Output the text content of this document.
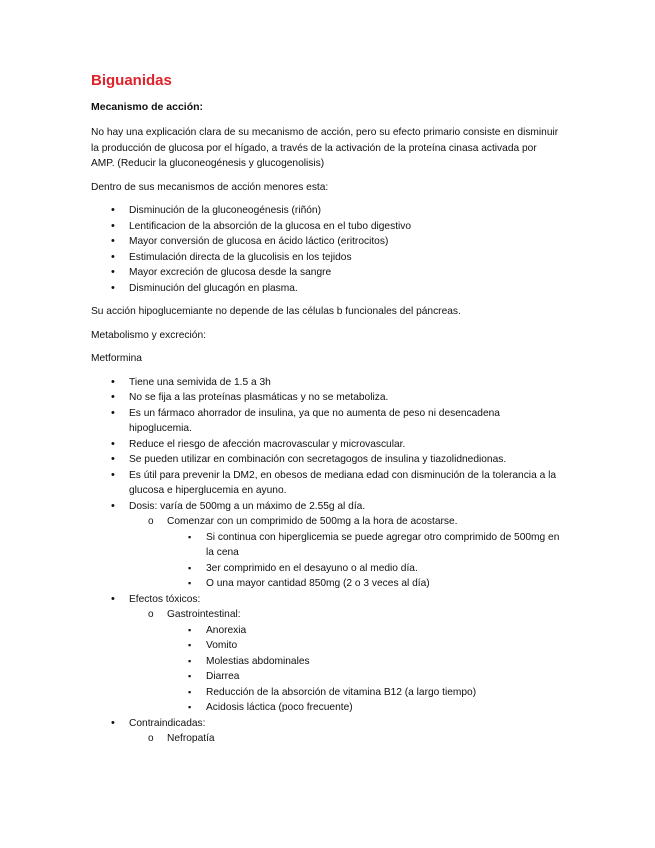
Biguanidas
Mecanismo de acción:

No hay una explicación clara de su mecanismo de acción, pero su efecto primario consiste en disminuir la producción de glucosa por el hígado, a través de la activación de la proteína cinasa activada por AMP. (Reducir la gluconeogénesis y glucogenolisis)

Dentro de sus mecanismos de acción menores esta:

• Disminución de la gluconeogénesis (riñón)
• Lentificacion de la absorción de la glucosa en el tubo digestivo
• Mayor conversión de glucosa en ácido láctico (eritrocitos)
• Estimulación directa de la glucolisis en los tejidos
• Mayor excreción de glucosa desde la sangre
• Disminución del glucagón en plasma.

Su acción hipoglucemiante no depende de las células b funcionales del páncreas.

Metabolismo y excreción:

Metformina

• Tiene una semivida de 1.5 a 3h
• No se fija a las proteínas plasmáticas y no se metaboliza.
• Es un fármaco ahorrador de insulina, ya que no aumenta de peso ni desencadena hipoglucemia.
• Reduce el riesgo de afección macrovascular y microvascular.
• Se pueden utilizar en combinación con secretagogos de insulina y tiazolidnedionas.
• Es útil para prevenir la DM2, en obesos de mediana edad con disminución de la tolerancia a la glucosa e hiperglucemia en ayuno.
• Dosis: varía de 500mg a un máximo de 2.55g al día.
o Comenzar con un comprimido de 500mg a la hora de acostarse.
▪ Si continua con hiperglicemia se puede agregar otro comprimido de 500mg en la cena
▪ 3er comprimido en el desayuno o al medio día.
▪ O una mayor cantidad 850mg (2 o 3 veces al día)
• Efectos tóxicos:
o Gastrointestinal:
▪ Anorexia
▪ Vomito
▪ Molestias abdominales
▪ Diarrea
▪ Reducción de la absorción de vitamina B12 (a largo tiempo)
▪ Acidosis láctica (poco frecuente)
• Contraindicadas:
o Nefropatía
